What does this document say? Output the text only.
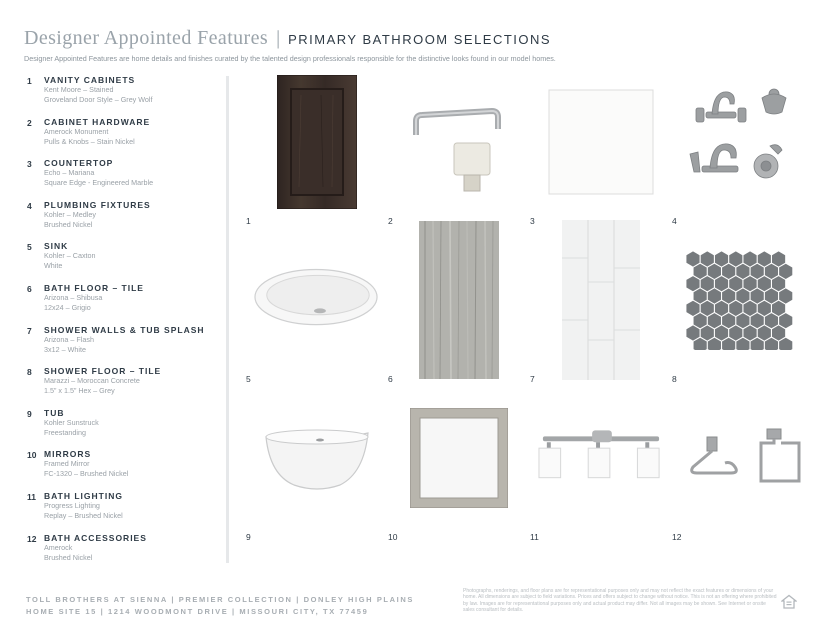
Designer Appointed Features | PRIMARY BATHROOM SELECTIONS
Designer Appointed Features are home details and finishes curated by the talented design professionals responsible for the distinctive looks found in our model homes.
1	VANITY CABINETS
Kent Moore – Stained
Groveland Door Style – Grey Wolf
2	CABINET HARDWARE
Amerock Monument
Pulls & Knobs – Stain Nickel
3	COUNTERTOP
Echo – Mariana
Square Edge - Engineered Marble
4	PLUMBING FIXTURES
Kohler – Medley
Brushed Nickel
5	SINK
Kohler – Caxton
White
6	BATH FLOOR – TILE
Arizona – Shibusa
12x24 – Grigio
7	SHOWER WALLS & TUB SPLASH
Arizona – Flash
3x12 – White
8	SHOWER FLOOR – TILE
Marazzi – Moroccan Concrete
1.5” x 1.5” Hex – Grey
9	TUB
Kohler Sunstruck
Freestanding
10 MIRRORS
Framed Mirror
FC-1320 – Brushed Nickel
11 BATH LIGHTING
Progress Lighting
Replay – Brushed Nickel
12 BATH ACCESSORIES
Amerock
Brushed Nickel
1	2	3	4
5	6	7	8
9	10	11	12
TOLL BROTHERS AT SIENNA | PREMIER COLLECTION | DONLEY HIGH PLAINS
HOME SITE 15 | 1214 WOODMONT DRIVE | MISSOURI CITY, TX 77459
Photographs, renderings, and floor plans are for representational purposes only and may not reflect the exact features or dimensions of your home. All dimensions are subject to field variations. Prices and offers subject to change without notice. This is not an offering where prohibited by law. Images are for representational purposes only and actual product may differ. Not all images may be shown. See Internet or onsite sales consultant for details.
